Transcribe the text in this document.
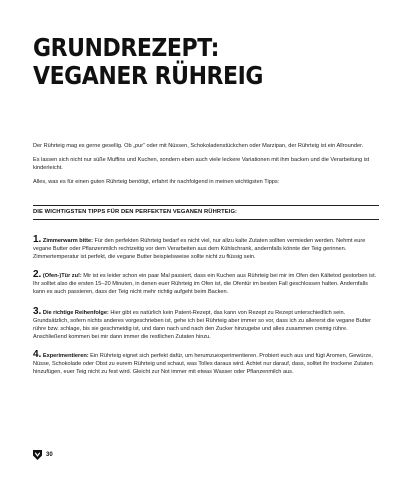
GRUNDREZEPT:
VEGANER RÜHREIG

Der Rührteig mag es gerne gesellig. Ob „pur“ oder mit Nüssen, Schokoladenstückchen oder Marzipan, der Rührteig ist ein Allrounder.

Es lassen sich nicht nur süße Muffins und Kuchen, sondern eben auch viele leckere Variationen mit ihm backen und die Verarbeitung ist kinderleicht.

Alles, was es für einen guten Rührteig benötigt, erfahrt ihr nachfolgend in meinen wichtigsten Tipps:

DIE WICHTIGSTEN TIPPS FÜR DEN PERFEKTEN VEGANEN RÜHRTEIG:
1. Zimmerwarm bitte: Für den perfekten Rührteig bedarf es nicht viel, nur allzu kalte Zutaten sollten vermieden werden. Nehmt eure vegane Butter oder Pflanzenmilch rechtzeitig vor dem Verarbeiten aus dem Kühlschrank, andernfalls könnte der Teig gerinnen. Zimmertemperatur ist perfekt, die vegane Butter beispielsweise sollte nicht zu flüssig sein.
2. (Ofen-)Tür zu!: Mir ist es leider schon ein paar Mal passiert, dass ein Kuchen aus Rührteig bei mir im Ofen den Kältetod gestorben ist. Ihr solltet also die ersten 15–20 Minuten, in denen euer Rührteig im Ofen ist, die Ofentür im besten Fall geschlossen halten. Andernfalls kann es auch passieren, dass der Teig nicht mehr richtig aufgeht beim Backen.
3. Die richtige Reihenfolge: Hier gibt es natürlich kein Patent-Rezept, das kann von Rezept zu Rezept unterschiedlich sein. Grundsätzlich, sofern nichts anderes vorgeschrieben ist, gehe ich bei Rührteig aber immer so vor, dass ich zu allererst die vegane Butter rühre bzw. schlage, bis sie geschmeidig ist, und dann nach und nach den Zucker hinzugebe und alles zusammen cremig rühre. Anschließend kommen bei mir dann immer die restlichen Zutaten hinzu.
4. Experimentieren: Ein Rührteig eignet sich perfekt dafür, um herumzuexperimentieren. Probiert euch aus und fügt Aromen, Gewürze, Nüsse, Schokolade oder Obst zu eurem Rührteig und schaut, was Tolles daraus wird. Achtet nur darauf, dass, solltet ihr trockene Zutaten hinzufügen, euer Teig nicht zu fest wird. Gleicht zur Not immer mit etwas Wasser oder Pflanzenmilch aus.
30
